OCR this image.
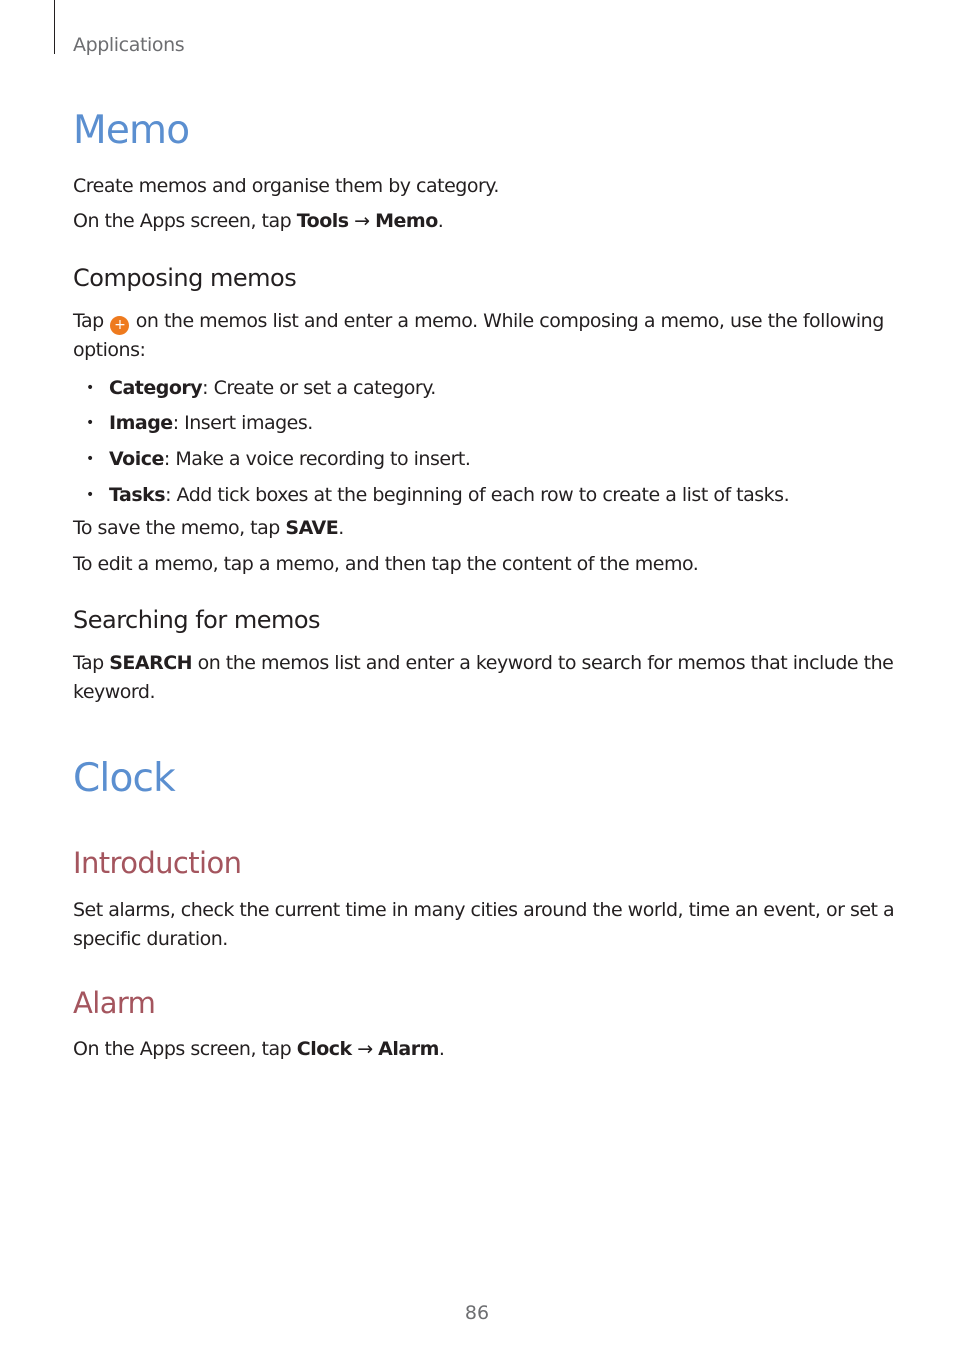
Applications
Memo
Create memos and organise them by category.
On the Apps screen, tap Tools → Memo.
Composing memos
Tap + on the memos list and enter a memo. While composing a memo, use the following
options:
• Category: Create or set a category.
• Image: Insert images.
• Voice: Make a voice recording to insert.
• Tasks: Add tick boxes at the beginning of each row to create a list of tasks.
To save the memo, tap SAVE.
To edit a memo, tap a memo, and then tap the content of the memo.
Searching for memos
Tap SEARCH on the memos list and enter a keyword to search for memos that include the
keyword.
Clock
Introduction
Set alarms, check the current time in many cities around the world, time an event, or set a
specific duration.
Alarm
On the Apps screen, tap Clock → Alarm.
86
